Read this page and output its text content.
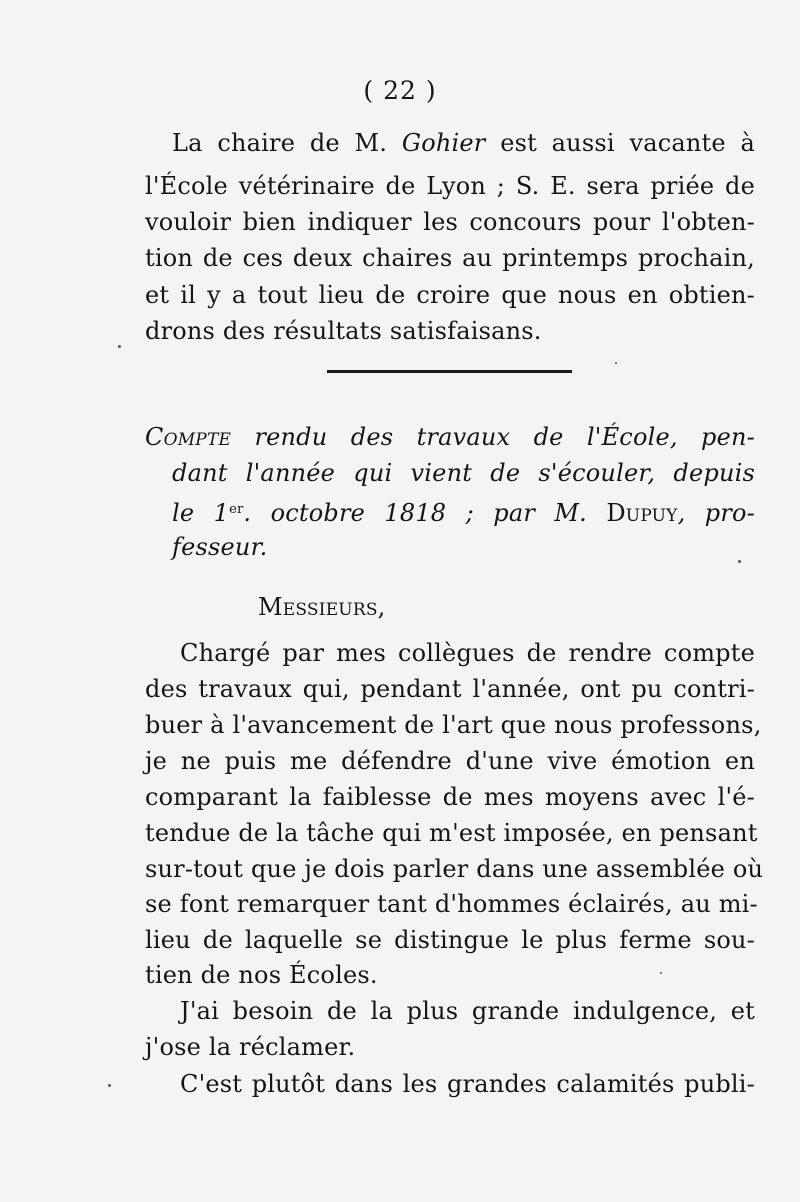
( 22 )
La chaire de M. Gohier est aussi vacante à
l'École vétérinaire de Lyon ; S. E. sera priée de
vouloir bien indiquer les concours pour l'obten-
tion de ces deux chaires au printemps prochain,
et il y a tout lieu de croire que nous en obtien-
drons des résultats satisfaisans.
Compte rendu des travaux de l'École, pen-
dant l'année qui vient de s'écouler, depuis
le 1er. octobre 1818 ; par M. Dupuy, pro-
fesseur.
Messieurs,
Chargé par mes collègues de rendre compte
des travaux qui, pendant l'année, ont pu contri-
buer à l'avancement de l'art que nous professons,
je ne puis me défendre d'une vive émotion en
comparant la faiblesse de mes moyens avec l'é-
tendue de la tâche qui m'est imposée, en pensant
sur-tout que je dois parler dans une assemblée où
se font remarquer tant d'hommes éclairés, au mi-
lieu de laquelle se distingue le plus ferme sou-
tien de nos Écoles.
J'ai besoin de la plus grande indulgence, et
j'ose la réclamer.
C'est plutôt dans les grandes calamités publi-
